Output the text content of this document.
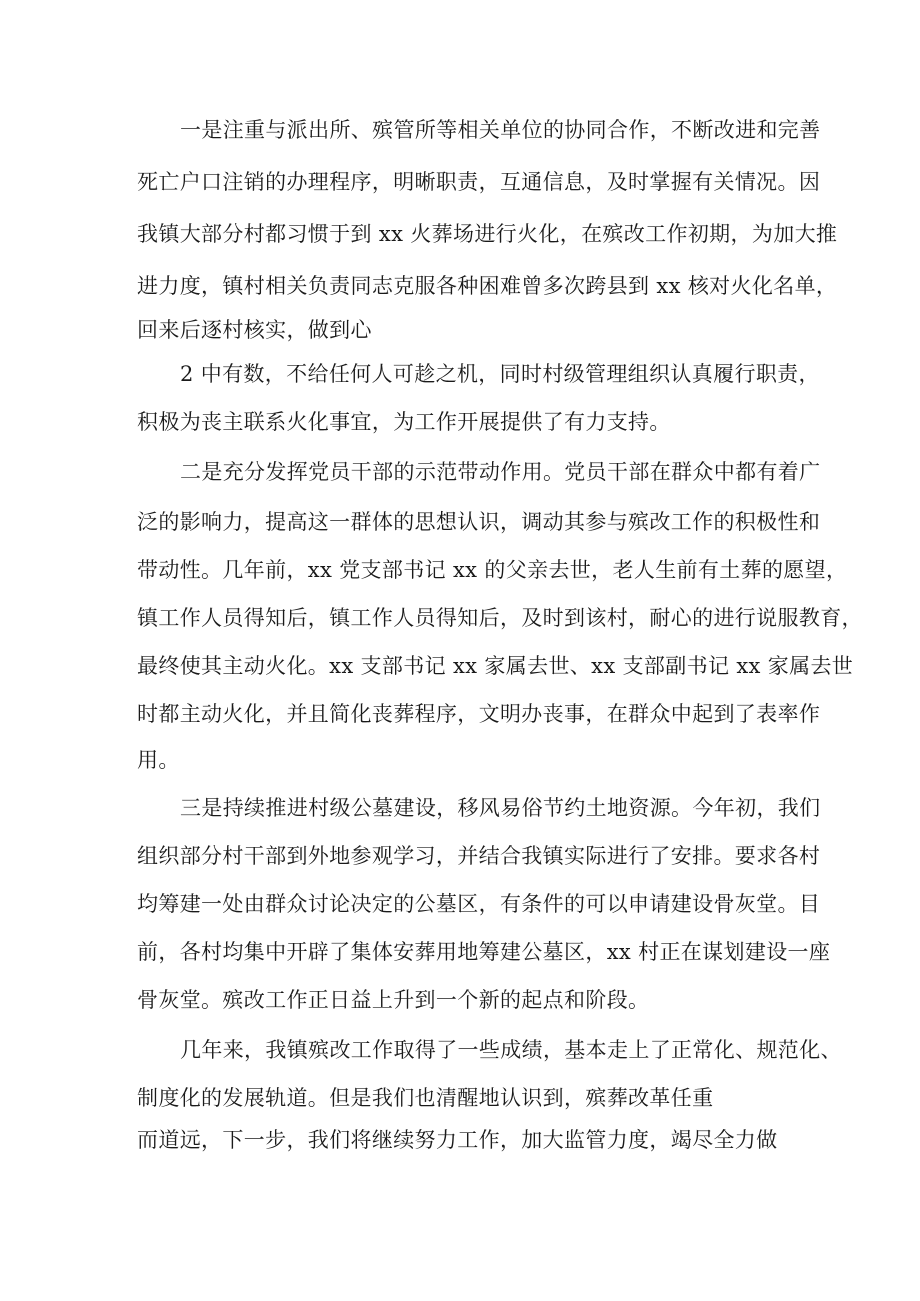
一是注重与派出所、殡管所等相关单位的协同合作，不断改进和完善
死亡户口注销的办理程序，明晰职责，互通信息，及时掌握有关情况。因
我镇大部分村都习惯于到 xx 火葬场进行火化，在殡改工作初期，为加大推
进力度，镇村相关负责同志克服各种困难曾多次跨县到 xx 核对火化名单，
回来后逐村核实，做到心
2 中有数，不给任何人可趁之机，同时村级管理组织认真履行职责，
积极为丧主联系火化事宜，为工作开展提供了有力支持。
二是充分发挥党员干部的示范带动作用。党员干部在群众中都有着广
泛的影响力，提高这一群体的思想认识，调动其参与殡改工作的积极性和
带动性。几年前，xx 党支部书记 xx 的父亲去世，老人生前有土葬的愿望，
镇工作人员得知后，镇工作人员得知后，及时到该村，耐心的进行说服教育，
最终使其主动火化。xx 支部书记 xx 家属去世、xx 支部副书记 xx 家属去世
时都主动火化，并且简化丧葬程序，文明办丧事，在群众中起到了表率作
用。
三是持续推进村级公墓建设，移风易俗节约土地资源。今年初，我们
组织部分村干部到外地参观学习，并结合我镇实际进行了安排。要求各村
均筹建一处由群众讨论决定的公墓区，有条件的可以申请建设骨灰堂。目
前，各村均集中开辟了集体安葬用地筹建公墓区，xx 村正在谋划建设一座
骨灰堂。殡改工作正日益上升到一个新的起点和阶段。
几年来，我镇殡改工作取得了一些成绩，基本走上了正常化、规范化、
制度化的发展轨道。但是我们也清醒地认识到，殡葬改革任重
而道远，下一步，我们将继续努力工作，加大监管力度，竭尽全力做
